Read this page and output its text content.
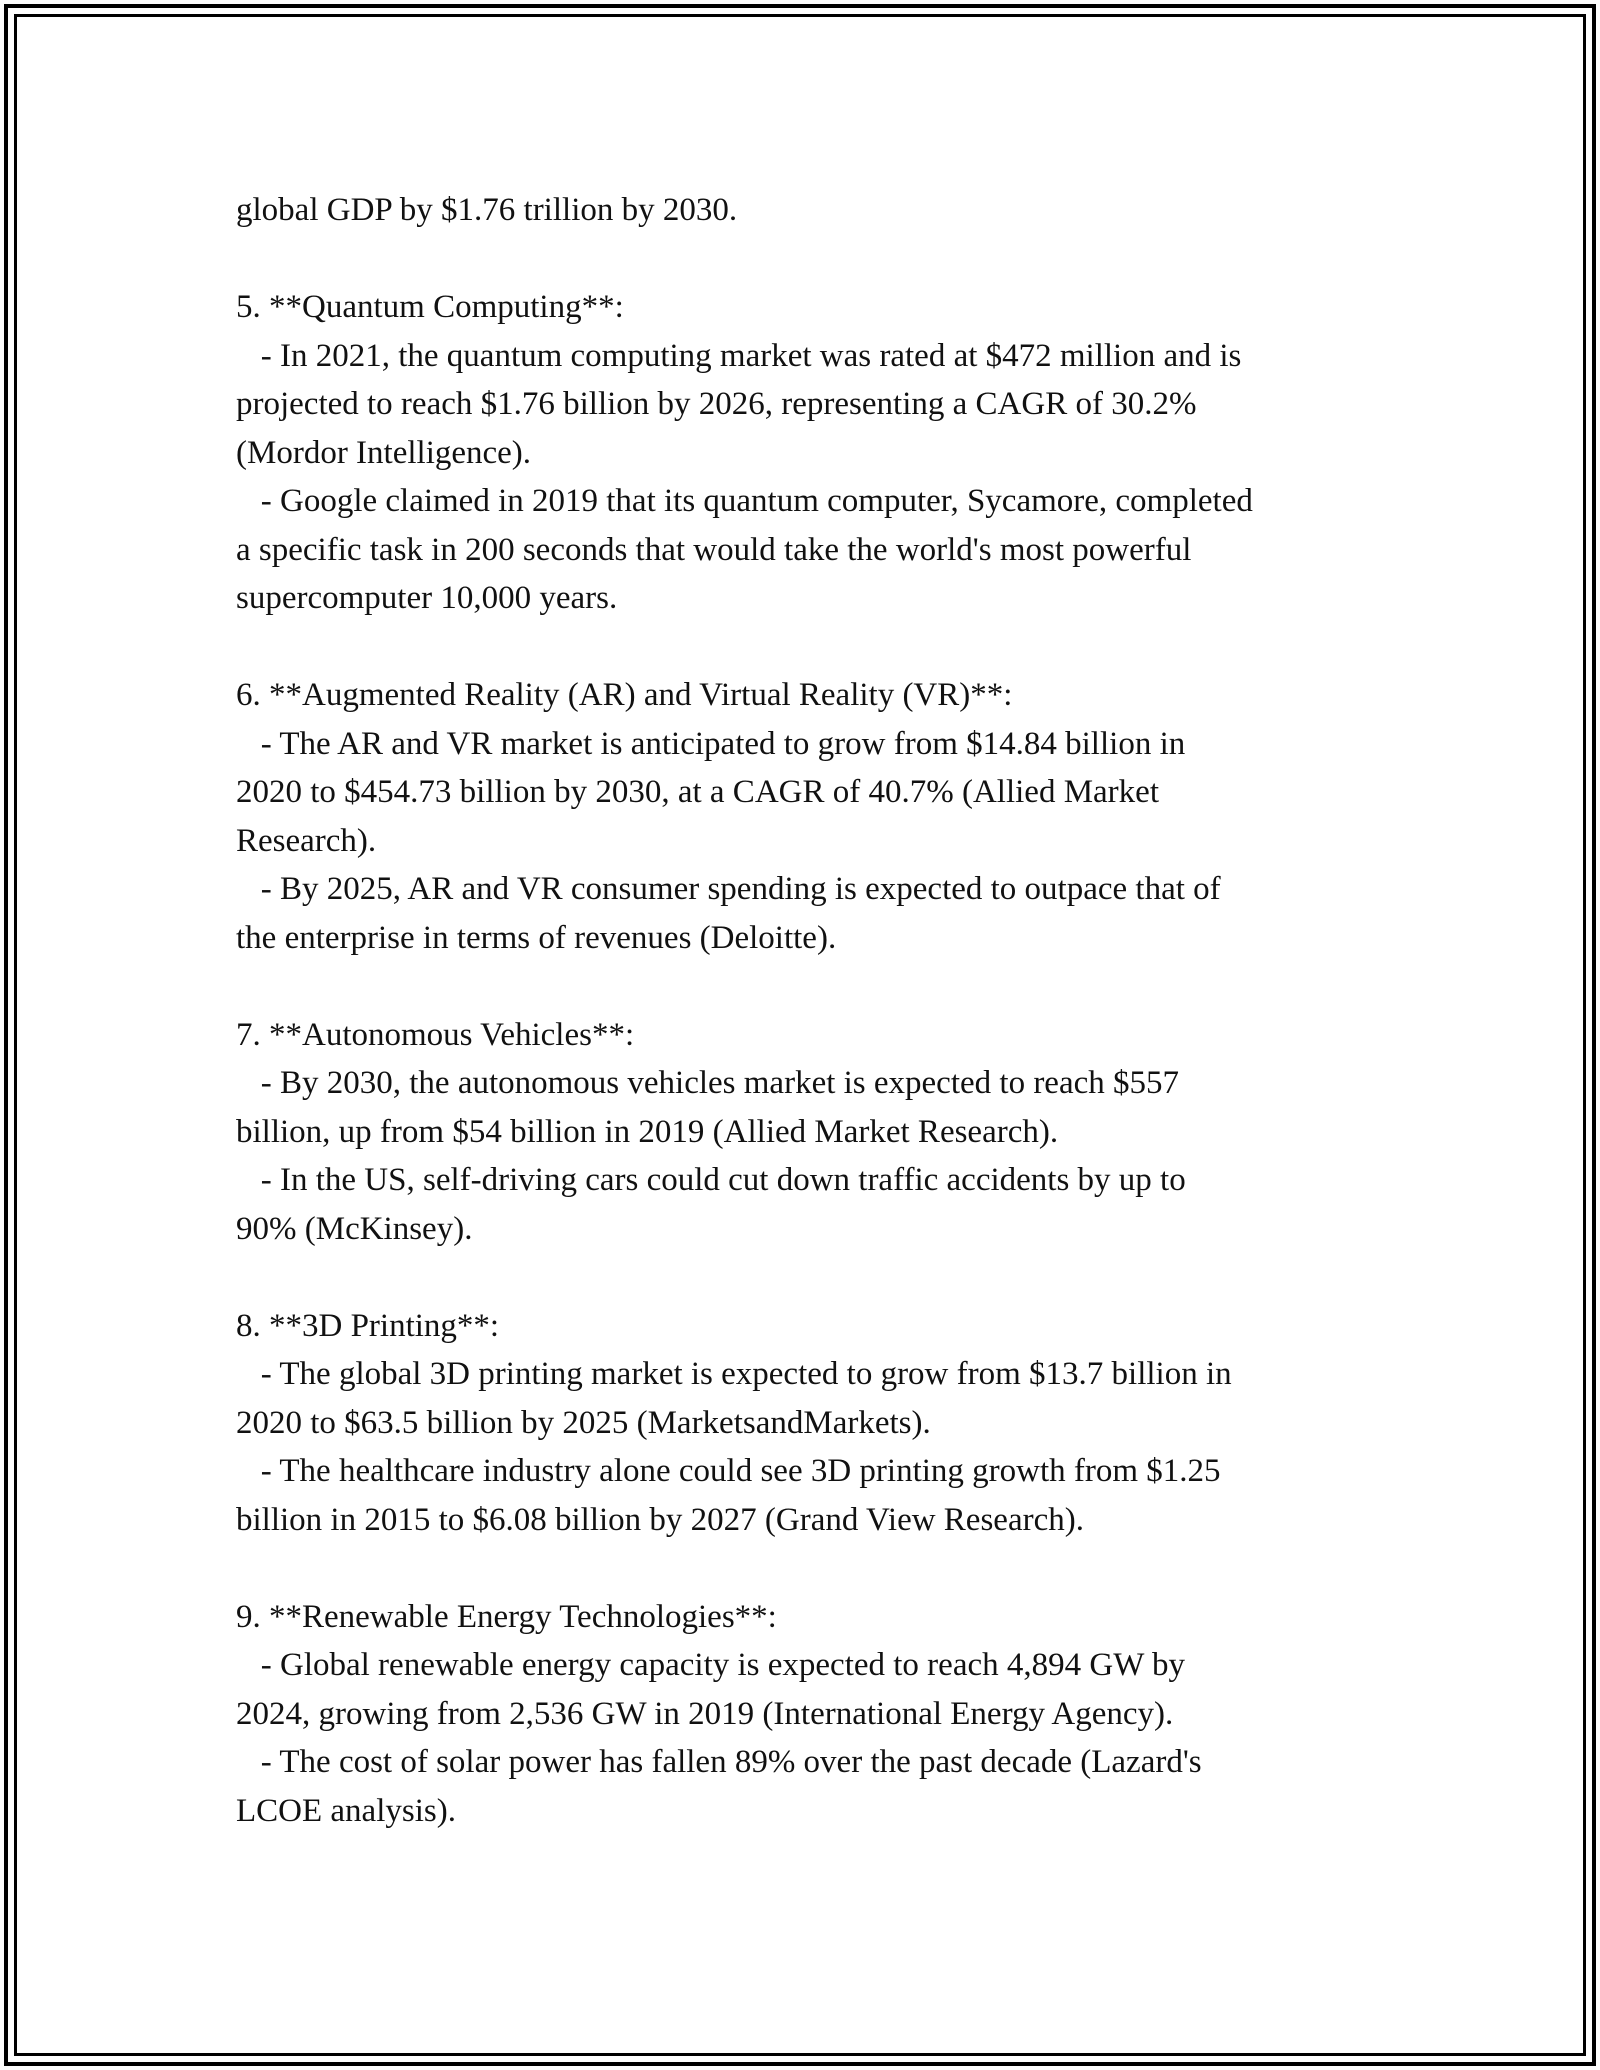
global GDP by $1.76 trillion by 2030.
5. **Quantum Computing**:
- In 2021, the quantum computing market was rated at $472 million and is
projected to reach $1.76 billion by 2026, representing a CAGR of 30.2%
(Mordor Intelligence).
- Google claimed in 2019 that its quantum computer, Sycamore, completed
a specific task in 200 seconds that would take the world's most powerful
supercomputer 10,000 years.
6. **Augmented Reality (AR) and Virtual Reality (VR)**:
- The AR and VR market is anticipated to grow from $14.84 billion in
2020 to $454.73 billion by 2030, at a CAGR of 40.7% (Allied Market
Research).
- By 2025, AR and VR consumer spending is expected to outpace that of
the enterprise in terms of revenues (Deloitte).
7. **Autonomous Vehicles**:
- By 2030, the autonomous vehicles market is expected to reach $557
billion, up from $54 billion in 2019 (Allied Market Research).
- In the US, self-driving cars could cut down traffic accidents by up to
90% (McKinsey).
8. **3D Printing**:
- The global 3D printing market is expected to grow from $13.7 billion in
2020 to $63.5 billion by 2025 (MarketsandMarkets).
- The healthcare industry alone could see 3D printing growth from $1.25
billion in 2015 to $6.08 billion by 2027 (Grand View Research).
9. **Renewable Energy Technologies**:
- Global renewable energy capacity is expected to reach 4,894 GW by
2024, growing from 2,536 GW in 2019 (International Energy Agency).
- The cost of solar power has fallen 89% over the past decade (Lazard's
LCOE analysis).
